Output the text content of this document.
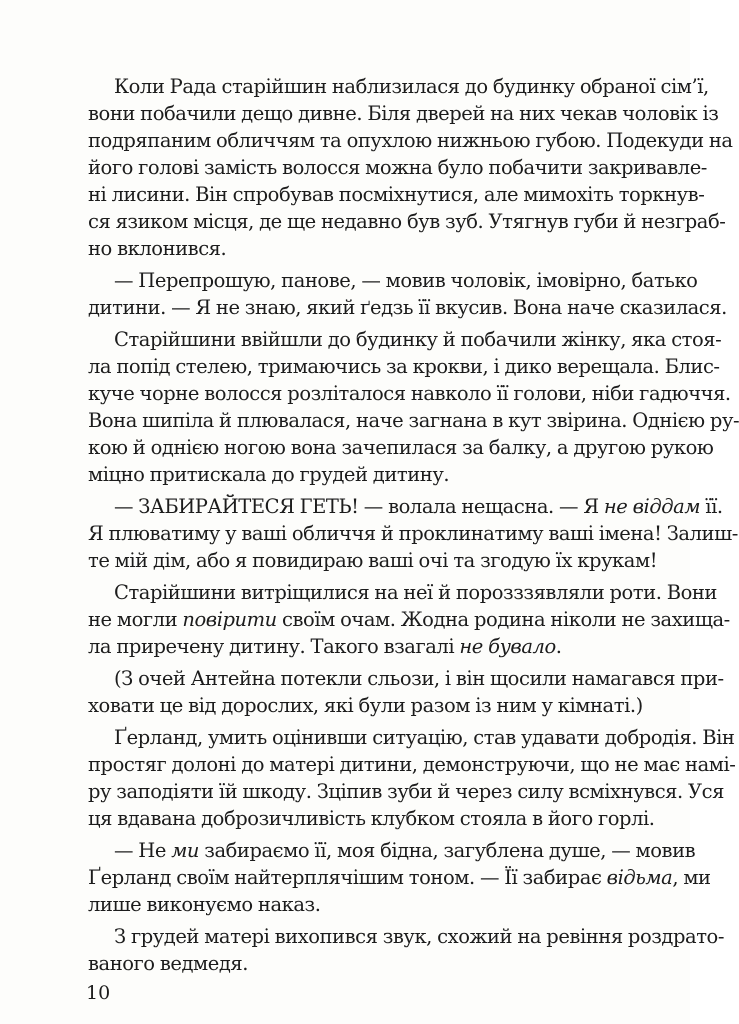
Коли Рада старійшин наблизилася до будинку обраної сім’ї,
вони побачили дещо дивне. Біля дверей на них чекав чоловік із
подряпаним обличчям та опухлою нижньою губою. Подекуди на
його голові замість волосся можна було побачити закривавле-
ні лисини. Він спробував посміхнутися, але мимохіть торкнув-
ся язиком місця, де ще недавно був зуб. Утягнув губи й незграб-
но вклонився.
— Перепрошую, панове, — мовив чоловік, імовірно, батько
дитини. — Я не знаю, який ґедзь її вкусив. Вона наче сказилася.
Старійшини ввійшли до будинку й побачили жінку, яка стоя-
ла попід стелею, тримаючись за крокви, і дико верещала. Блис-
куче чорне волосся розліталося навколо її голови, ніби гадюччя.
Вона шипіла й плювалася, наче загнана в кут звірина. Однією ру-
кою й однією ногою вона зачепилася за балку, а другою рукою
міцно притискала до грудей дитину.
— ЗАБИРАЙТЕСЯ ГЕТЬ! — волала нещасна. — Я не віддам її.
Я плюватиму у ваші обличчя й проклинатиму ваші імена! Залиш-
те мій дім, або я повидираю ваші очі та згодую їх крукам!
Старійшини витріщилися на неї й порозззявляли роти. Вони
не могли повірити своїм очам. Жодна родина ніколи не захища-
ла приречену дитину. Такого взагалі не бувало.
(З очей Антейна потекли сльози, і він щосили намагався при-
ховати це від дорослих, які були разом із ним у кімнаті.)
Ґерланд, умить оцінивши ситуацію, став удавати добродія. Він
простяг долоні до матері дитини, демонструючи, що не має намі-
ру заподіяти їй шкоду. Зціпив зуби й через силу всміхнувся. Уся
ця вдавана доброзичливість клубком стояла в його горлі.
— Не ми забираємо її, моя бідна, загублена душе, — мовив
Ґерланд своїм найтерплячішим тоном. — Її забирає відьма, ми
лише виконуємо наказ.
З грудей матері вихопився звук, схожий на ревіння роздрато-
ваного ведмедя.
10
